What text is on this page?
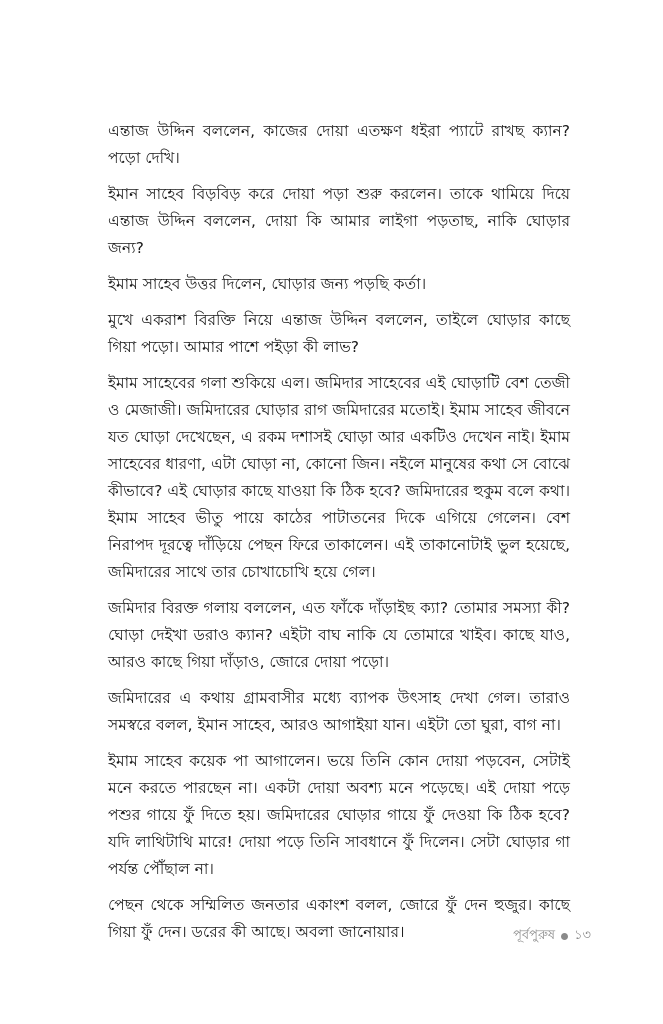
এন্তাজ উদ্দিন বললেন, কাজের দোয়া এতক্ষণ ধইরা প্যাটে রাখছ ক্যান? পড়ো দেখি।

ইমান সাহেব বিড়বিড় করে দোয়া পড়া শুরু করলেন। তাকে থামিয়ে দিয়ে এন্তাজ উদ্দিন বললেন, দোয়া কি আমার লাইগা পড়তাছ, নাকি ঘোড়ার জন্য?

ইমাম সাহেব উত্তর দিলেন, ঘোড়ার জন্য পড়ছি কর্তা।

মুখে একরাশ বিরক্তি নিয়ে এন্তাজ উদ্দিন বললেন, তাইলে ঘোড়ার কাছে গিয়া পড়ো। আমার পাশে পইড়া কী লাভ?

ইমাম সাহেবের গলা শুকিয়ে এল। জমিদার সাহেবের এই ঘোড়াটি বেশ তেজী ও মেজাজী। জমিদারের ঘোড়ার রাগ জমিদারের মতোই। ইমাম সাহেব জীবনে যত ঘোড়া দেখেছেন, এ রকম দশাসই ঘোড়া আর একটিও দেখেন নাই। ইমাম সাহেবের ধারণা, এটা ঘোড়া না, কোনো জিন। নইলে মানুষের কথা সে বোঝে কীভাবে? এই ঘোড়ার কাছে যাওয়া কি ঠিক হবে? জমিদারের হুকুম বলে কথা। ইমাম সাহেব ভীতু পায়ে কাঠের পাটাতনের দিকে এগিয়ে গেলেন। বেশ নিরাপদ দূরত্বে দাঁড়িয়ে পেছন ফিরে তাকালেন। এই তাকানোটাই ভুল হয়েছে, জমিদারের সাথে তার চোখাচোখি হয়ে গেল।

জমিদার বিরক্ত গলায় বললেন, এত ফাঁকে দাঁড়াইছ ক্যা? তোমার সমস্যা কী? ঘোড়া দেইখা ডরাও ক্যান? এইটা বাঘ নাকি যে তোমারে খাইব। কাছে যাও, আরও কাছে গিয়া দাঁড়াও, জোরে দোয়া পড়ো।

জমিদারের এ কথায় গ্রামবাসীর মধ্যে ব্যাপক উৎসাহ দেখা গেল। তারাও সমস্বরে বলল, ইমান সাহেব, আরও আগাইয়া যান। এইটা তো ঘুরা, বাগ না।

ইমাম সাহেব কয়েক পা আগালেন। ভয়ে তিনি কোন দোয়া পড়বেন, সেটাই মনে করতে পারছেন না। একটা দোয়া অবশ্য মনে পড়েছে। এই দোয়া পড়ে পশুর গায়ে ফুঁ দিতে হয়। জমিদারের ঘোড়ার গায়ে ফুঁ দেওয়া কি ঠিক হবে? যদি লাথিটাথি মারে! দোয়া পড়ে তিনি সাবধানে ফুঁ দিলেন। সেটা ঘোড়ার গা পর্যন্ত পৌঁছাল না।

পেছন থেকে সম্মিলিত জনতার একাংশ বলল, জোরে ফুঁ দেন হুজুর। কাছে গিয়া ফুঁ দেন। ডরের কী আছে। অবলা জানোয়ার।	পূর্বপুরুষ ১৩
